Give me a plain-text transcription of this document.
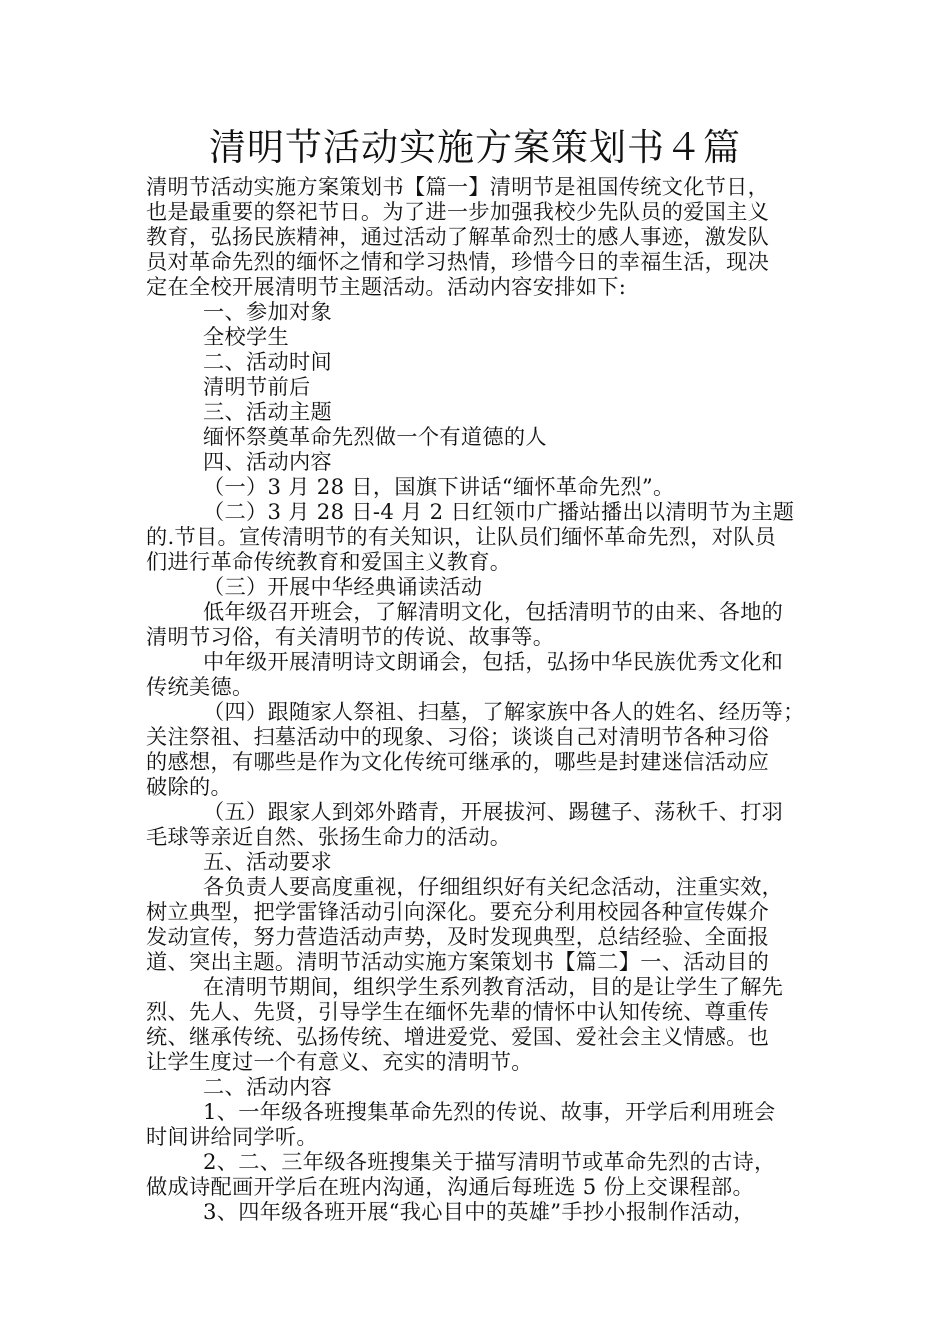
清明节活动实施方案策划书４篇
清明节活动实施方案策划书【篇一】清明节是祖国传统文化节日，
也是最重要的祭祀节日。为了进一步加强我校少先队员的爱国主义
教育，弘扬民族精神，通过活动了解革命烈士的感人事迹，激发队
员对革命先烈的缅怀之情和学习热情，珍惜今日的幸福生活，现决
定在全校开展清明节主题活动。活动内容安排如下:
一、参加对象
全校学生
二、活动时间
清明节前后
三、活动主题
缅怀祭奠革命先烈做一个有道德的人
四、活动内容
（一）3 月 28 日，国旗下讲话“缅怀革命先烈”。
（二）3 月 28 日-4 月 2 日红领巾广播站播出以清明节为主题
的.节目。宣传清明节的有关知识，让队员们缅怀革命先烈，对队员
们进行革命传统教育和爱国主义教育。
（三）开展中华经典诵读活动
低年级召开班会，了解清明文化，包括清明节的由来、各地的
清明节习俗，有关清明节的传说、故事等。
中年级开展清明诗文朗诵会，包括，弘扬中华民族优秀文化和
传统美德。
（四）跟随家人祭祖、扫墓，了解家族中各人的姓名、经历等；
关注祭祖、扫墓活动中的现象、习俗；谈谈自己对清明节各种习俗
的感想，有哪些是作为文化传统可继承的，哪些是封建迷信活动应
破除的。
（五）跟家人到郊外踏青，开展拔河、踢毽子、荡秋千、打羽
毛球等亲近自然、张扬生命力的活动。
五、活动要求
各负责人要高度重视，仔细组织好有关纪念活动，注重实效，
树立典型，把学雷锋活动引向深化。要充分利用校园各种宣传媒介
发动宣传，努力营造活动声势，及时发现典型，总结经验、全面报
道、突出主题。清明节活动实施方案策划书【篇二】一、活动目的
在清明节期间，组织学生系列教育活动，目的是让学生了解先
烈、先人、先贤，引导学生在缅怀先辈的情怀中认知传统、尊重传
统、继承传统、弘扬传统、增进爱党、爱国、爱社会主义情感。也
让学生度过一个有意义、充实的清明节。
二、活动内容
1、一年级各班搜集革命先烈的传说、故事，开学后利用班会
时间讲给同学听。
2、二、三年级各班搜集关于描写清明节或革命先烈的古诗，
做成诗配画开学后在班内沟通，沟通后每班选 5 份上交课程部。
3、四年级各班开展“我心目中的英雄”手抄小报制作活动，
